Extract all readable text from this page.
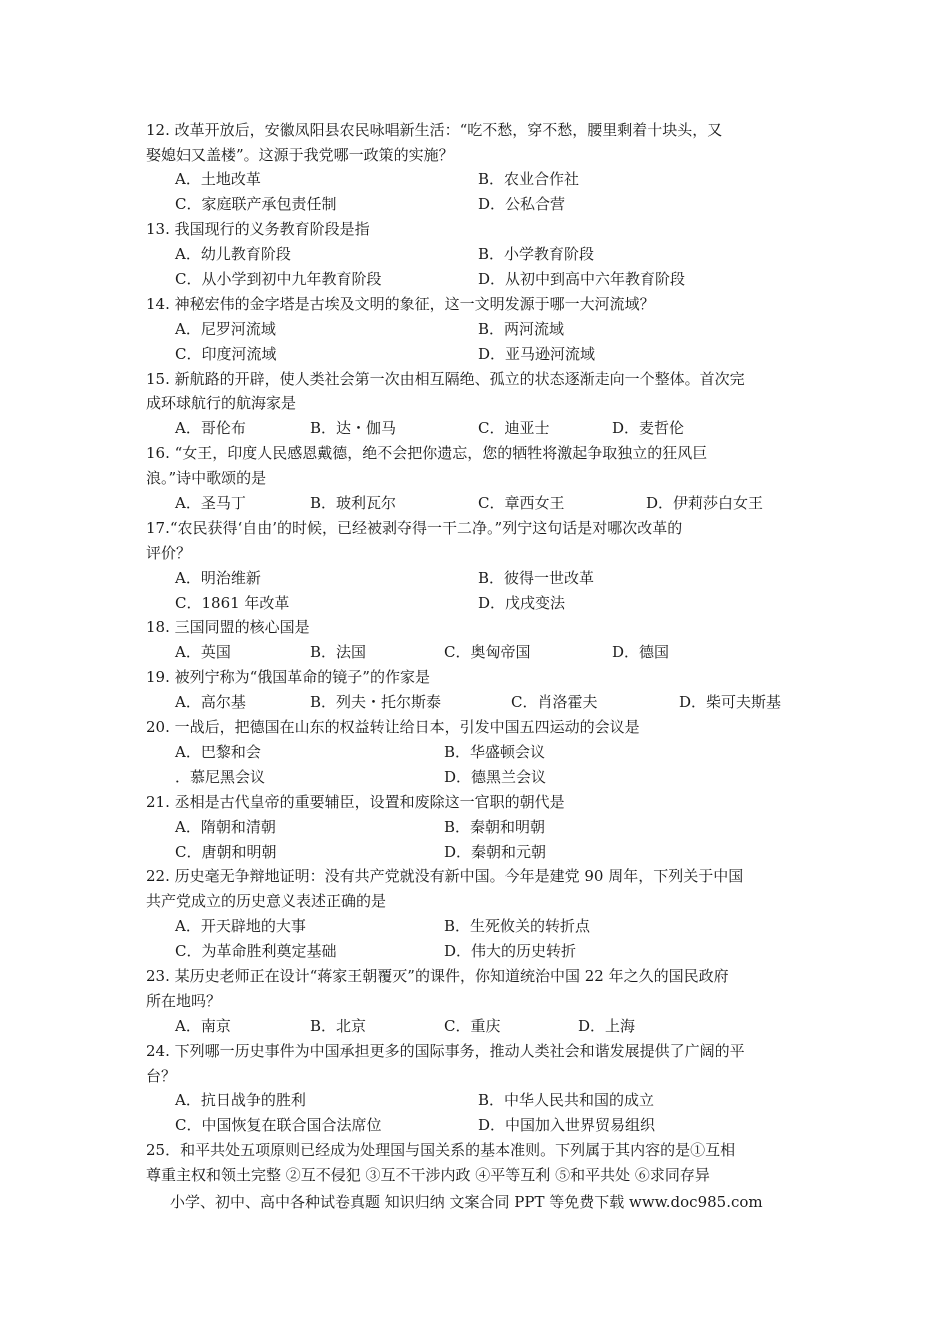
12. 改革开放后，安徽凤阳县农民咏唱新生活：“吃不愁，穿不愁，腰里剩着十块头，又
娶媳妇又盖楼”。这源于我党哪一政策的实施？
A．土地改革	B．农业合作社
C．家庭联产承包责任制	D．公私合营
13. 我国现行的义务教育阶段是指
A．幼儿教育阶段	B．小学教育阶段
C．从小学到初中九年教育阶段	D．从初中到高中六年教育阶段
14. 神秘宏伟的金字塔是古埃及文明的象征，这一文明发源于哪一大河流域？
A．尼罗河流域	B．两河流域
C．印度河流域	D．亚马逊河流域
15. 新航路的开辟，使人类社会第一次由相互隔绝、孤立的状态逐渐走向一个整体。首次完
成环球航行的航海家是
A．哥伦布	B．达・伽马	C．迪亚士	D．麦哲伦
16. “女王，印度人民感恩戴德，绝不会把你遗忘，您的牺牲将激起争取独立的狂风巨
浪。”诗中歌颂的是
A．圣马丁	B．玻利瓦尔	C．章西女王	D．伊莉莎白女王
17.“农民获得‘自由’的时候，已经被剥夺得一干二净。”列宁这句话是对哪次改革的
评价？
A．明治维新	B．彼得一世改革
C．1861 年改革	D．戊戌变法
18. 三国同盟的核心国是
A．英国	B．法国	C．奥匈帝国	D．德国
19. 被列宁称为“俄国革命的镜子”的作家是
A．高尔基	B．列夫・托尔斯泰	C．肖洛霍夫	D．柴可夫斯基
20. 一战后，把德国在山东的权益转让给日本，引发中国五四运动的会议是
A．巴黎和会	B．华盛顿会议
．慕尼黑会议	D．德黑兰会议
21. 丞相是古代皇帝的重要辅臣，设置和废除这一官职的朝代是
A．隋朝和清朝	B．秦朝和明朝
C．唐朝和明朝	D．秦朝和元朝
22. 历史毫无争辩地证明：没有共产党就没有新中国。今年是建党 90 周年，下列关于中国
共产党成立的历史意义表述正确的是
A．开天辟地的大事	B．生死攸关的转折点
C．为革命胜利奠定基础	D．伟大的历史转折
23. 某历史老师正在设计“蒋家王朝覆灭”的课件，你知道统治中国 22 年之久的国民政府
所在地吗？
A．南京	B．北京	C．重庆	D．上海
24. 下列哪一历史事件为中国承担更多的国际事务，推动人类社会和谐发展提供了广阔的平
台？
A．抗日战争的胜利	B．中华人民共和国的成立
C．中国恢复在联合国合法席位	D．中国加入世界贸易组织
25．和平共处五项原则已经成为处理国与国关系的基本准则。下列属于其内容的是①互相
尊重主权和领土完整 ②互不侵犯 ③互不干涉内政 ④平等互利 ⑤和平共处 ⑥求同存异
小学、初中、高中各种试卷真题 知识归纳 文案合同 PPT 等免费下载 www.doc985.com
